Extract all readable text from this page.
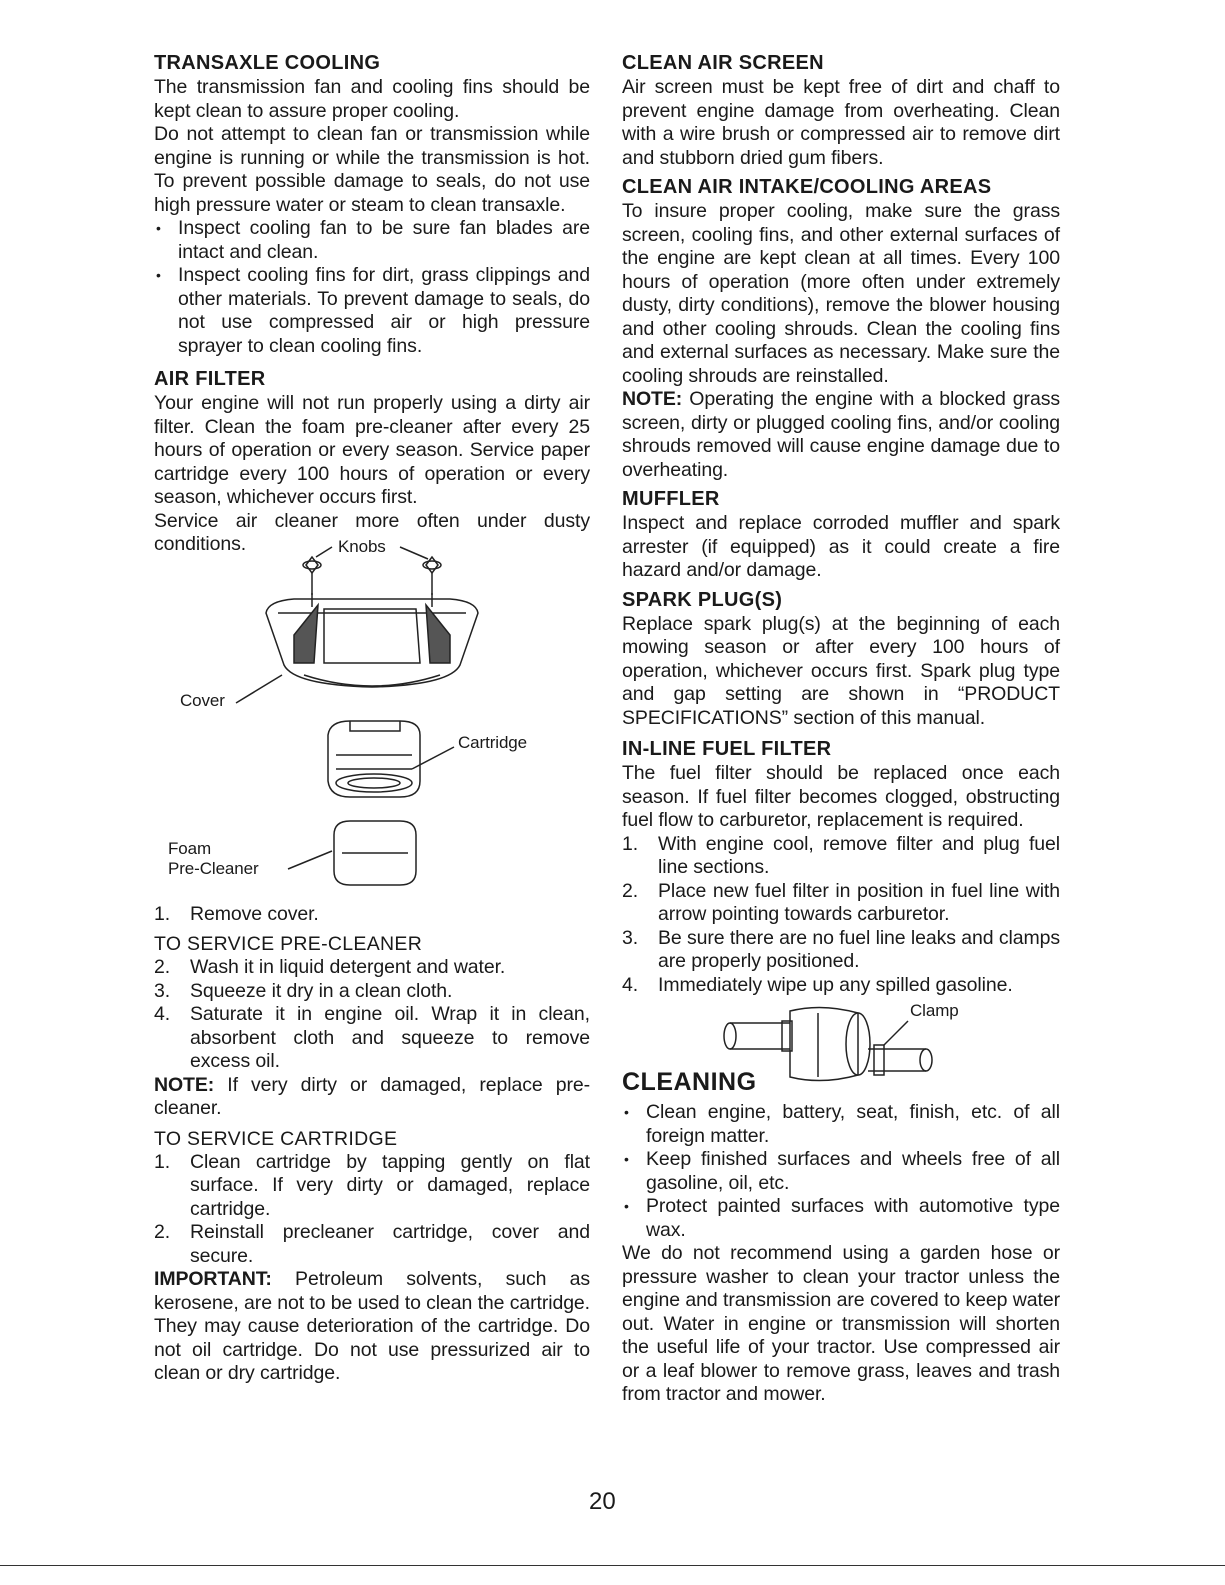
TRANSAXLE COOLING

The transmission fan and cooling fins should be kept clean to assure proper cooling.

Do not attempt to clean fan or transmission while engine is running or while the transmission is hot. To prevent possible damage to seals, do not use high pressure water or steam to clean transaxle.

• Inspect cooling fan to be sure fan blades are intact and clean.
• Inspect cooling fins for dirt, grass clippings and other materials. To prevent damage to seals, do not use compressed air or high pressure sprayer to clean cooling fins.
AIR FILTER

Your engine will not run properly using a dirty air filter. Clean the foam pre-cleaner after every 25 hours of operation or every season. Service paper cartridge every 100 hours of operation or every season, whichever occurs first.

Service air cleaner more often under dusty conditions.	Knobs
Cover
Cartridge
Foam
Pre-Cleaner
1. Remove cover.
TO SERVICE PRE-CLEANER
2. Wash it in liquid detergent and water.
3. Squeeze it dry in a clean cloth.
4. Saturate it in engine oil. Wrap it in clean, absorbent cloth and squeeze to remove excess oil.

NOTE: If very dirty or damaged, replace pre-cleaner.

TO SERVICE CARTRIDGE
1. Clean cartridge by tapping gently on flat surface. If very dirty or damaged, replace cartridge.
2. Reinstall precleaner cartridge, cover and secure.

IMPORTANT: Petroleum solvents, such as kerosene, are not to be used to clean the cartridge. They may cause deterioration of the cartridge. Do not oil cartridge. Do not use pressurized air to clean or dry cartridge.

CLEAN AIR SCREEN

Air screen must be kept free of dirt and chaff to prevent engine damage from overheating. Clean with a wire brush or compressed air to remove dirt and stubborn dried gum fibers.

CLEAN AIR INTAKE/COOLING AREAS

To insure proper cooling, make sure the grass screen, cooling fins, and other external surfaces of the engine are kept clean at all times. Every 100 hours of operation (more often under extremely dusty, dirty conditions), remove the blower housing and other cooling shrouds. Clean the cooling fins and external surfaces as necessary. Make sure the cooling shrouds are reinstalled.

NOTE: Operating the engine with a blocked grass screen, dirty or plugged cooling fins, and/or cooling shrouds removed will cause engine damage due to overheating.

MUFFLER

Inspect and replace corroded muffler and spark arrester (if equipped) as it could create a fire hazard and/or damage.

SPARK PLUG(S)

Replace spark plug(s) at the beginning of each mowing season or after every 100 hours of operation, whichever occurs first. Spark plug type and gap setting are shown in “PRODUCT SPECIFICATIONS” section of this manual.

IN-LINE FUEL FILTER

The fuel filter should be replaced once each season. If fuel filter becomes clogged, obstructing fuel flow to carburetor, replacement is required.

1. With engine cool, remove filter and plug fuel line sections.
2. Place new fuel filter in position in fuel line with arrow pointing towards carburetor.
3. Be sure there are no fuel line leaks and clamps are properly positioned.
4. Immediately wipe up any spilled gasoline.
Clamp
CLEANING
• Clean engine, battery, seat, finish, etc. of all foreign matter.
• Keep finished surfaces and wheels free of all gasoline, oil, etc.
• Protect painted surfaces with automotive type wax.

We do not recommend using a garden hose or pressure washer to clean your tractor unless the engine and transmission are covered to keep water out. Water in engine or transmission will shorten the useful life of your tractor. Use compressed air or a leaf blower to remove grass, leaves and trash from tractor and mower.

20
